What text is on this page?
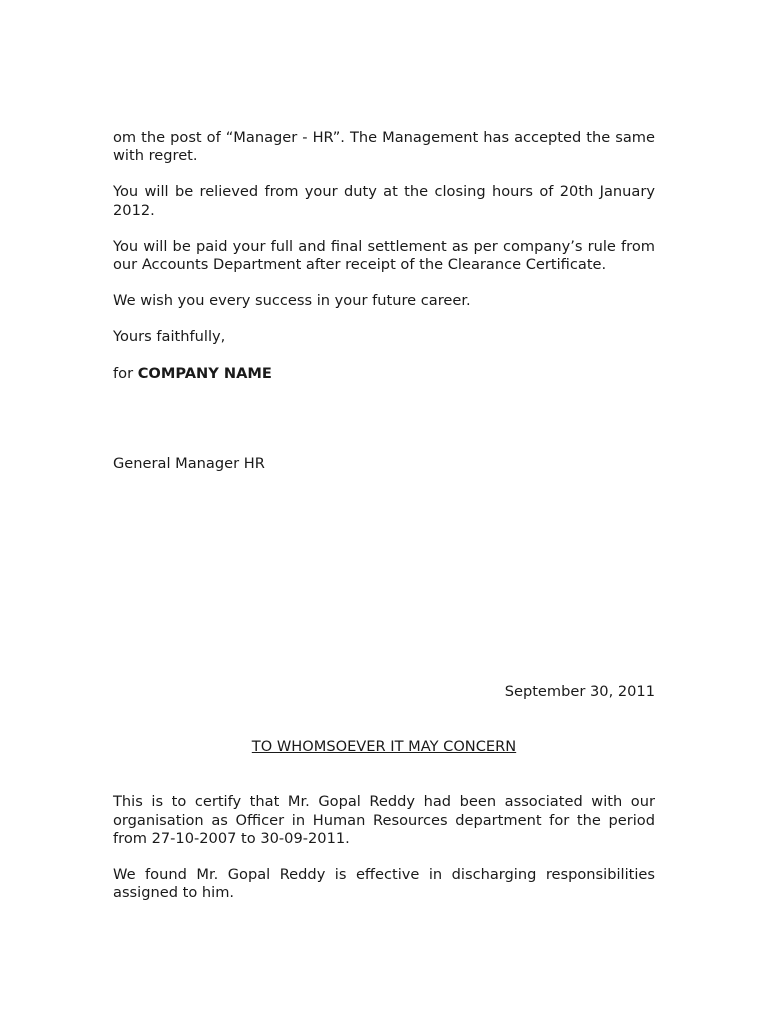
om the post of “Manager - HR”. The Management has accepted the same with regret.

You will be relieved from your duty at the closing hours of 20th January 2012.

You will be paid your full and final settlement as per company’s rule from our Accounts Department after receipt of the Clearance Certificate.

We wish you every success in your future career.

Yours faithfully,

for COMPANY NAME

General Manager HR

September 30, 2011

TO WHOMSOEVER IT MAY CONCERN

This is to certify that Mr. Gopal Reddy had been associated with our organisation as Officer in Human Resources department for the period from 27-10-2007 to 30-09-2011.

We found Mr. Gopal Reddy is effective in discharging responsibilities assigned to him.
